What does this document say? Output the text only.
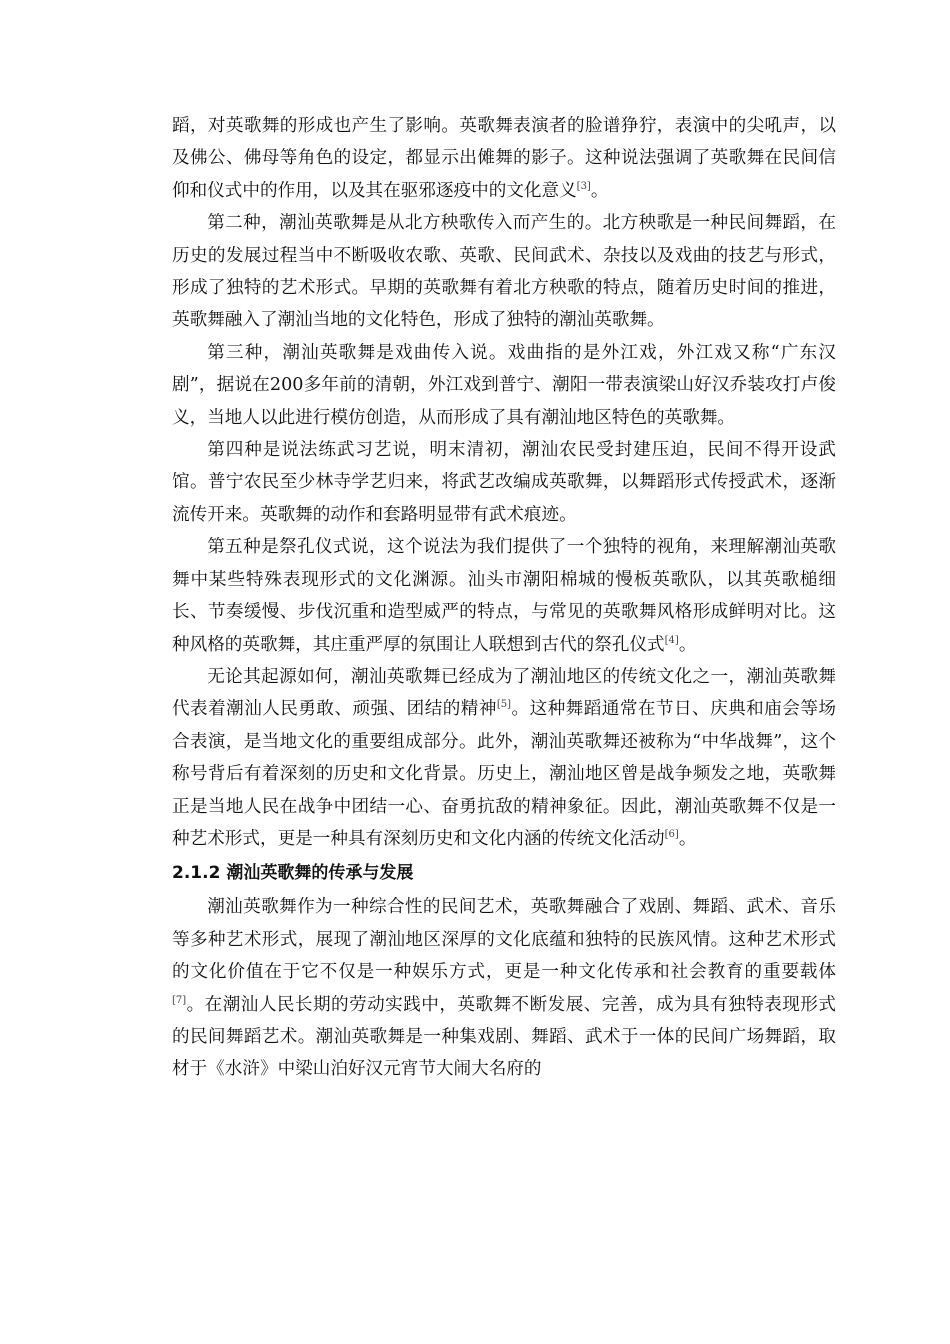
蹈，对英歌舞的形成也产生了影响。英歌舞表演者的脸谱狰狞，表演中的尖吼声，以及佛公、佛母等角色的设定，都显示出傩舞的影子。这种说法强调了英歌舞在民间信仰和仪式中的作用，以及其在驱邪逐疫中的文化意义[3]。

第二种，潮汕英歌舞是从北方秧歌传入而产生的。北方秧歌是一种民间舞蹈，在历史的发展过程当中不断吸收农歌、英歌、民间武术、杂技以及戏曲的技艺与形式，形成了独特的艺术形式。早期的英歌舞有着北方秧歌的特点，随着历史时间的推进，英歌舞融入了潮汕当地的文化特色，形成了独特的潮汕英歌舞。

第三种，潮汕英歌舞是戏曲传入说。戏曲指的是外江戏，外江戏又称“广东汉剧”，据说在200多年前的清朝，外江戏到普宁、潮阳一带表演梁山好汉乔装攻打卢俊义，当地人以此进行模仿创造，从而形成了具有潮汕地区特色的英歌舞。

第四种是说法练武习艺说，明末清初，潮汕农民受封建压迫，民间不得开设武馆。普宁农民至少林寺学艺归来，将武艺改编成英歌舞，以舞蹈形式传授武术，逐渐流传开来。英歌舞的动作和套路明显带有武术痕迹。

第五种是祭孔仪式说，这个说法为我们提供了一个独特的视角，来理解潮汕英歌舞中某些特殊表现形式的文化渊源。汕头市潮阳棉城的慢板英歌队，以其英歌槌细长、节奏缓慢、步伐沉重和造型威严的特点，与常见的英歌舞风格形成鲜明对比。这种风格的英歌舞，其庄重严厚的氛围让人联想到古代的祭孔仪式[4]。

无论其起源如何，潮汕英歌舞已经成为了潮汕地区的传统文化之一，潮汕英歌舞代表着潮汕人民勇敢、顽强、团结的精神[5]。这种舞蹈通常在节日、庆典和庙会等场合表演，是当地文化的重要组成部分。此外，潮汕英歌舞还被称为“中华战舞”，这个称号背后有着深刻的历史和文化背景。历史上，潮汕地区曾是战争频发之地，英歌舞正是当地人民在战争中团结一心、奋勇抗敌的精神象征。因此，潮汕英歌舞不仅是一种艺术形式，更是一种具有深刻历史和文化内涵的传统文化活动[6]。

2.1.2 潮汕英歌舞的传承与发展

潮汕英歌舞作为一种综合性的民间艺术，英歌舞融合了戏剧、舞蹈、武术、音乐等多种艺术形式，展现了潮汕地区深厚的文化底蕴和独特的民族风情。这种艺术形式的文化价值在于它不仅是一种娱乐方式，更是一种文化传承和社会教育的重要载体[7]。在潮汕人民长期的劳动实践中，英歌舞不断发展、完善，成为具有独特表现形式的民间舞蹈艺术。潮汕英歌舞是一种集戏剧、舞蹈、武术于一体的民间广场舞蹈，取材于《水浒》中梁山泊好汉元宵节大闹大名府的
